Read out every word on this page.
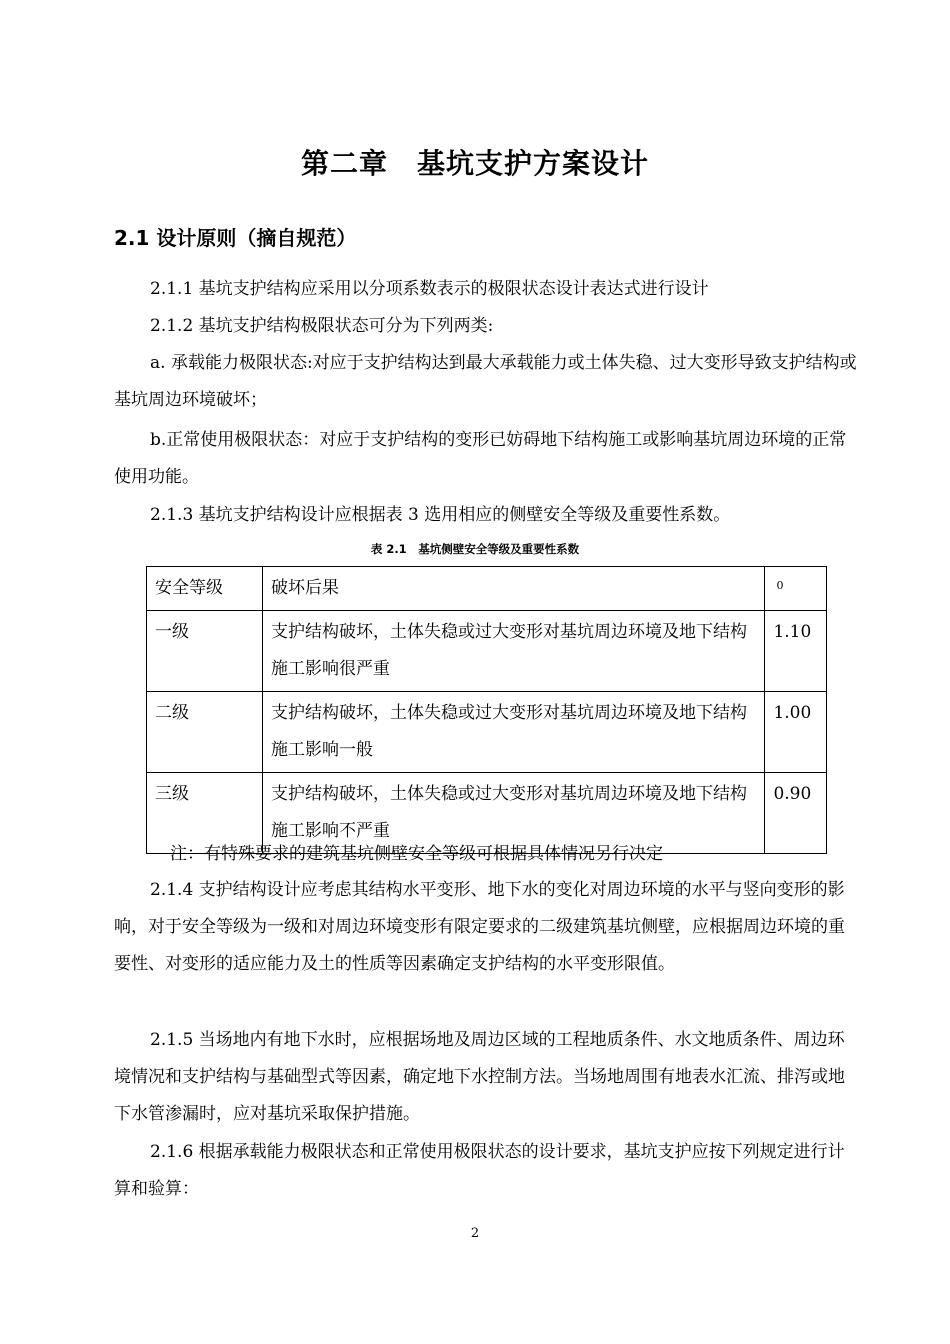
第二章　基坑支护方案设计
2.1 设计原则（摘自规范）
2.1.1 基坑支护结构应采用以分项系数表示的极限状态设计表达式进行设计
2.1.2 基坑支护结构极限状态可分为下列两类:
a. 承载能力极限状态:对应于支护结构达到最大承载能力或土体失稳、过大变形导致支护结构或基坑周边环境破坏；
b.正常使用极限状态：对应于支护结构的变形已妨碍地下结构施工或影响基坑周边环境的正常使用功能。
2.1.3 基坑支护结构设计应根据表 3 选用相应的侧壁安全等级及重要性系数。
表 2.1　基坑侧壁安全等级及重要性系数
安全等级	破坏后果	0

一级	支护结构破坏，土体失稳或过大变形对基坑周边环境及地下结构施工影响很严重	1.10
二级	支护结构破坏，土体失稳或过大变形对基坑周边环境及地下结构施工影响一般	1.00
三级	支护结构破坏，土体失稳或过大变形对基坑周边环境及地下结构施工影响不严重	0.90
注：有特殊要求的建筑基坑侧壁安全等级可根据具体情况另行决定
2.1.4 支护结构设计应考虑其结构水平变形、地下水的变化对周边环境的水平与竖向变形的影响，对于安全等级为一级和对周边环境变形有限定要求的二级建筑基坑侧壁，应根据周边环境的重要性、对变形的适应能力及土的性质等因素确定支护结构的水平变形限值。
2.1.5 当场地内有地下水时，应根据场地及周边区域的工程地质条件、水文地质条件、周边环境情况和支护结构与基础型式等因素，确定地下水控制方法。当场地周围有地表水汇流、排泻或地下水管渗漏时，应对基坑采取保护措施。
2.1.6 根据承载能力极限状态和正常使用极限状态的设计要求，基坑支护应按下列规定进行计算和验算：
2
